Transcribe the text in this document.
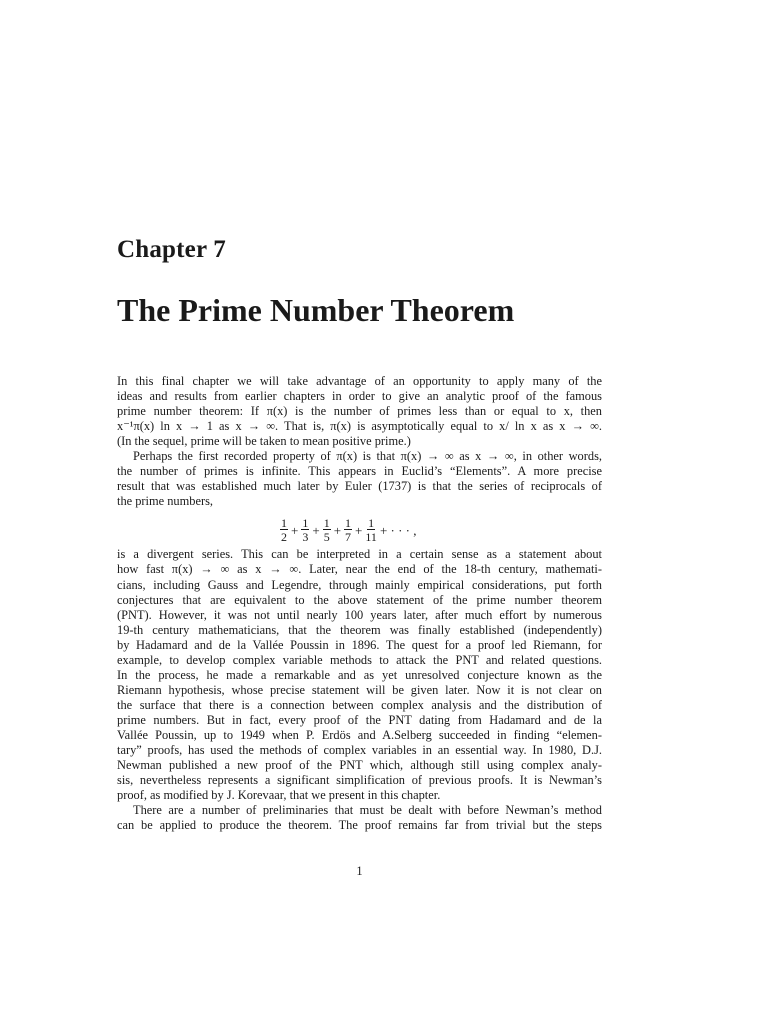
Chapter 7
The Prime Number Theorem

In this final chapter we will take advantage of an opportunity to apply many of the
ideas and results from earlier chapters in order to give an analytic proof of the famous
prime number theorem: If π(x) is the number of primes less than or equal to x, then
x⁻¹π(x) ln x → 1 as x → ∞. That is, π(x) is asymptotically equal to x/ ln x as x → ∞.
(In the sequel, prime will be taken to mean positive prime.)

Perhaps the first recorded property of π(x) is that π(x) → ∞ as x → ∞, in other words,
the number of primes is infinite. This appears in Euclid’s “Elements”. A more precise
result that was established much later by Euler (1737) is that the series of reciprocals of
the prime numbers,

$\frac{1}{2} + \frac{1}{3} + \frac{1}{5} + \frac{1}{7} + \frac{1}{11}$ + · · · ,

is a divergent series. This can be interpreted in a certain sense as a statement about
how fast π(x) → ∞ as x → ∞. Later, near the end of the 18-th century, mathemati-
cians, including Gauss and Legendre, through mainly empirical considerations, put forth
conjectures that are equivalent to the above statement of the prime number theorem
(PNT). However, it was not until nearly 100 years later, after much effort by numerous
19-th century mathematicians, that the theorem was finally established (independently)
by Hadamard and de la Vallée Poussin in 1896. The quest for a proof led Riemann, for
example, to develop complex variable methods to attack the PNT and related questions.
In the process, he made a remarkable and as yet unresolved conjecture known as the
Riemann hypothesis, whose precise statement will be given later. Now it is not clear on
the surface that there is a connection between complex analysis and the distribution of
prime numbers. But in fact, every proof of the PNT dating from Hadamard and de la
Vallée Poussin, up to 1949 when P. Erdös and A.Selberg succeeded in finding “elemen-
tary” proofs, has used the methods of complex variables in an essential way. In 1980, D.J.
Newman published a new proof of the PNT which, although still using complex analy-
sis, nevertheless represents a significant simplification of previous proofs. It is Newman’s
proof, as modified by J. Korevaar, that we present in this chapter.

There are a number of preliminaries that must be dealt with before Newman’s method
can be applied to produce the theorem. The proof remains far from trivial but the steps

1
